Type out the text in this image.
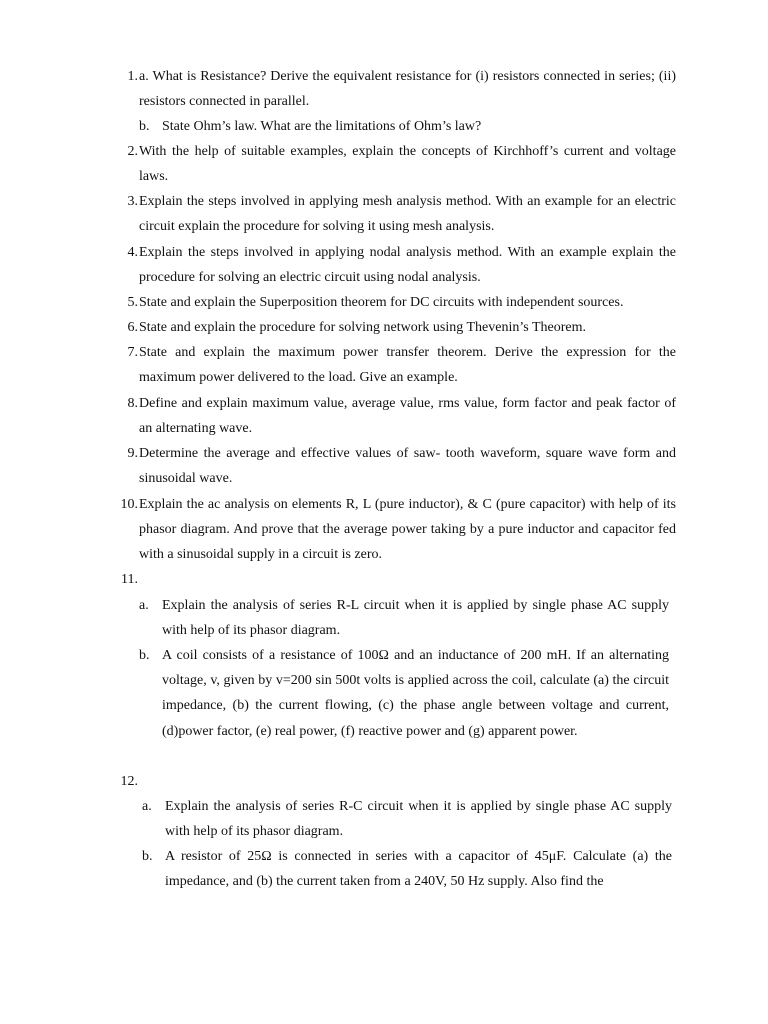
1. a. What is Resistance? Derive the equivalent resistance for (i) resistors connected in series; (ii) resistors connected in parallel.
b. State Ohm’s law. What are the limitations of Ohm’s law?
2. With the help of suitable examples, explain the concepts of Kirchhoff’s current and voltage laws.
3. Explain the steps involved in applying mesh analysis method. With an example for an electric circuit explain the procedure for solving it using mesh analysis.
4. Explain the steps involved in applying nodal analysis method. With an example explain the procedure for solving an electric circuit using nodal analysis.
5. State and explain the Superposition theorem for DC circuits with independent sources.
6. State and explain the procedure for solving network using Thevenin’s Theorem.
7. State and explain the maximum power transfer theorem. Derive the expression for the maximum power delivered to the load. Give an example.
8. Define and explain maximum value, average value, rms value, form factor and peak factor of an alternating wave.
9. Determine the average and effective values of saw- tooth waveform, square wave form and sinusoidal wave.
10. Explain the ac analysis on elements R, L (pure inductor), & C (pure capacitor) with help of its phasor diagram. And prove that the average power taking by a pure inductor and capacitor fed with a sinusoidal supply in a circuit is zero.
11.
a. Explain the analysis of series R-L circuit when it is applied by single phase AC supply with help of its phasor diagram.
b. A coil consists of a resistance of 100Ω and an inductance of 200 mH. If an alternating voltage, v, given by v=200 sin 500t volts is applied across the coil, calculate (a) the circuit impedance, (b) the current flowing, (c) the phase angle between voltage and current, (d)power factor, (e) real power, (f) reactive power and (g) apparent power.
12.
a. Explain the analysis of series R-C circuit when it is applied by single phase AC supply with help of its phasor diagram.
b. A resistor of 25Ω is connected in series with a capacitor of 45μF. Calculate (a) the impedance, and (b) the current taken from a 240V, 50 Hz supply. Also find the
